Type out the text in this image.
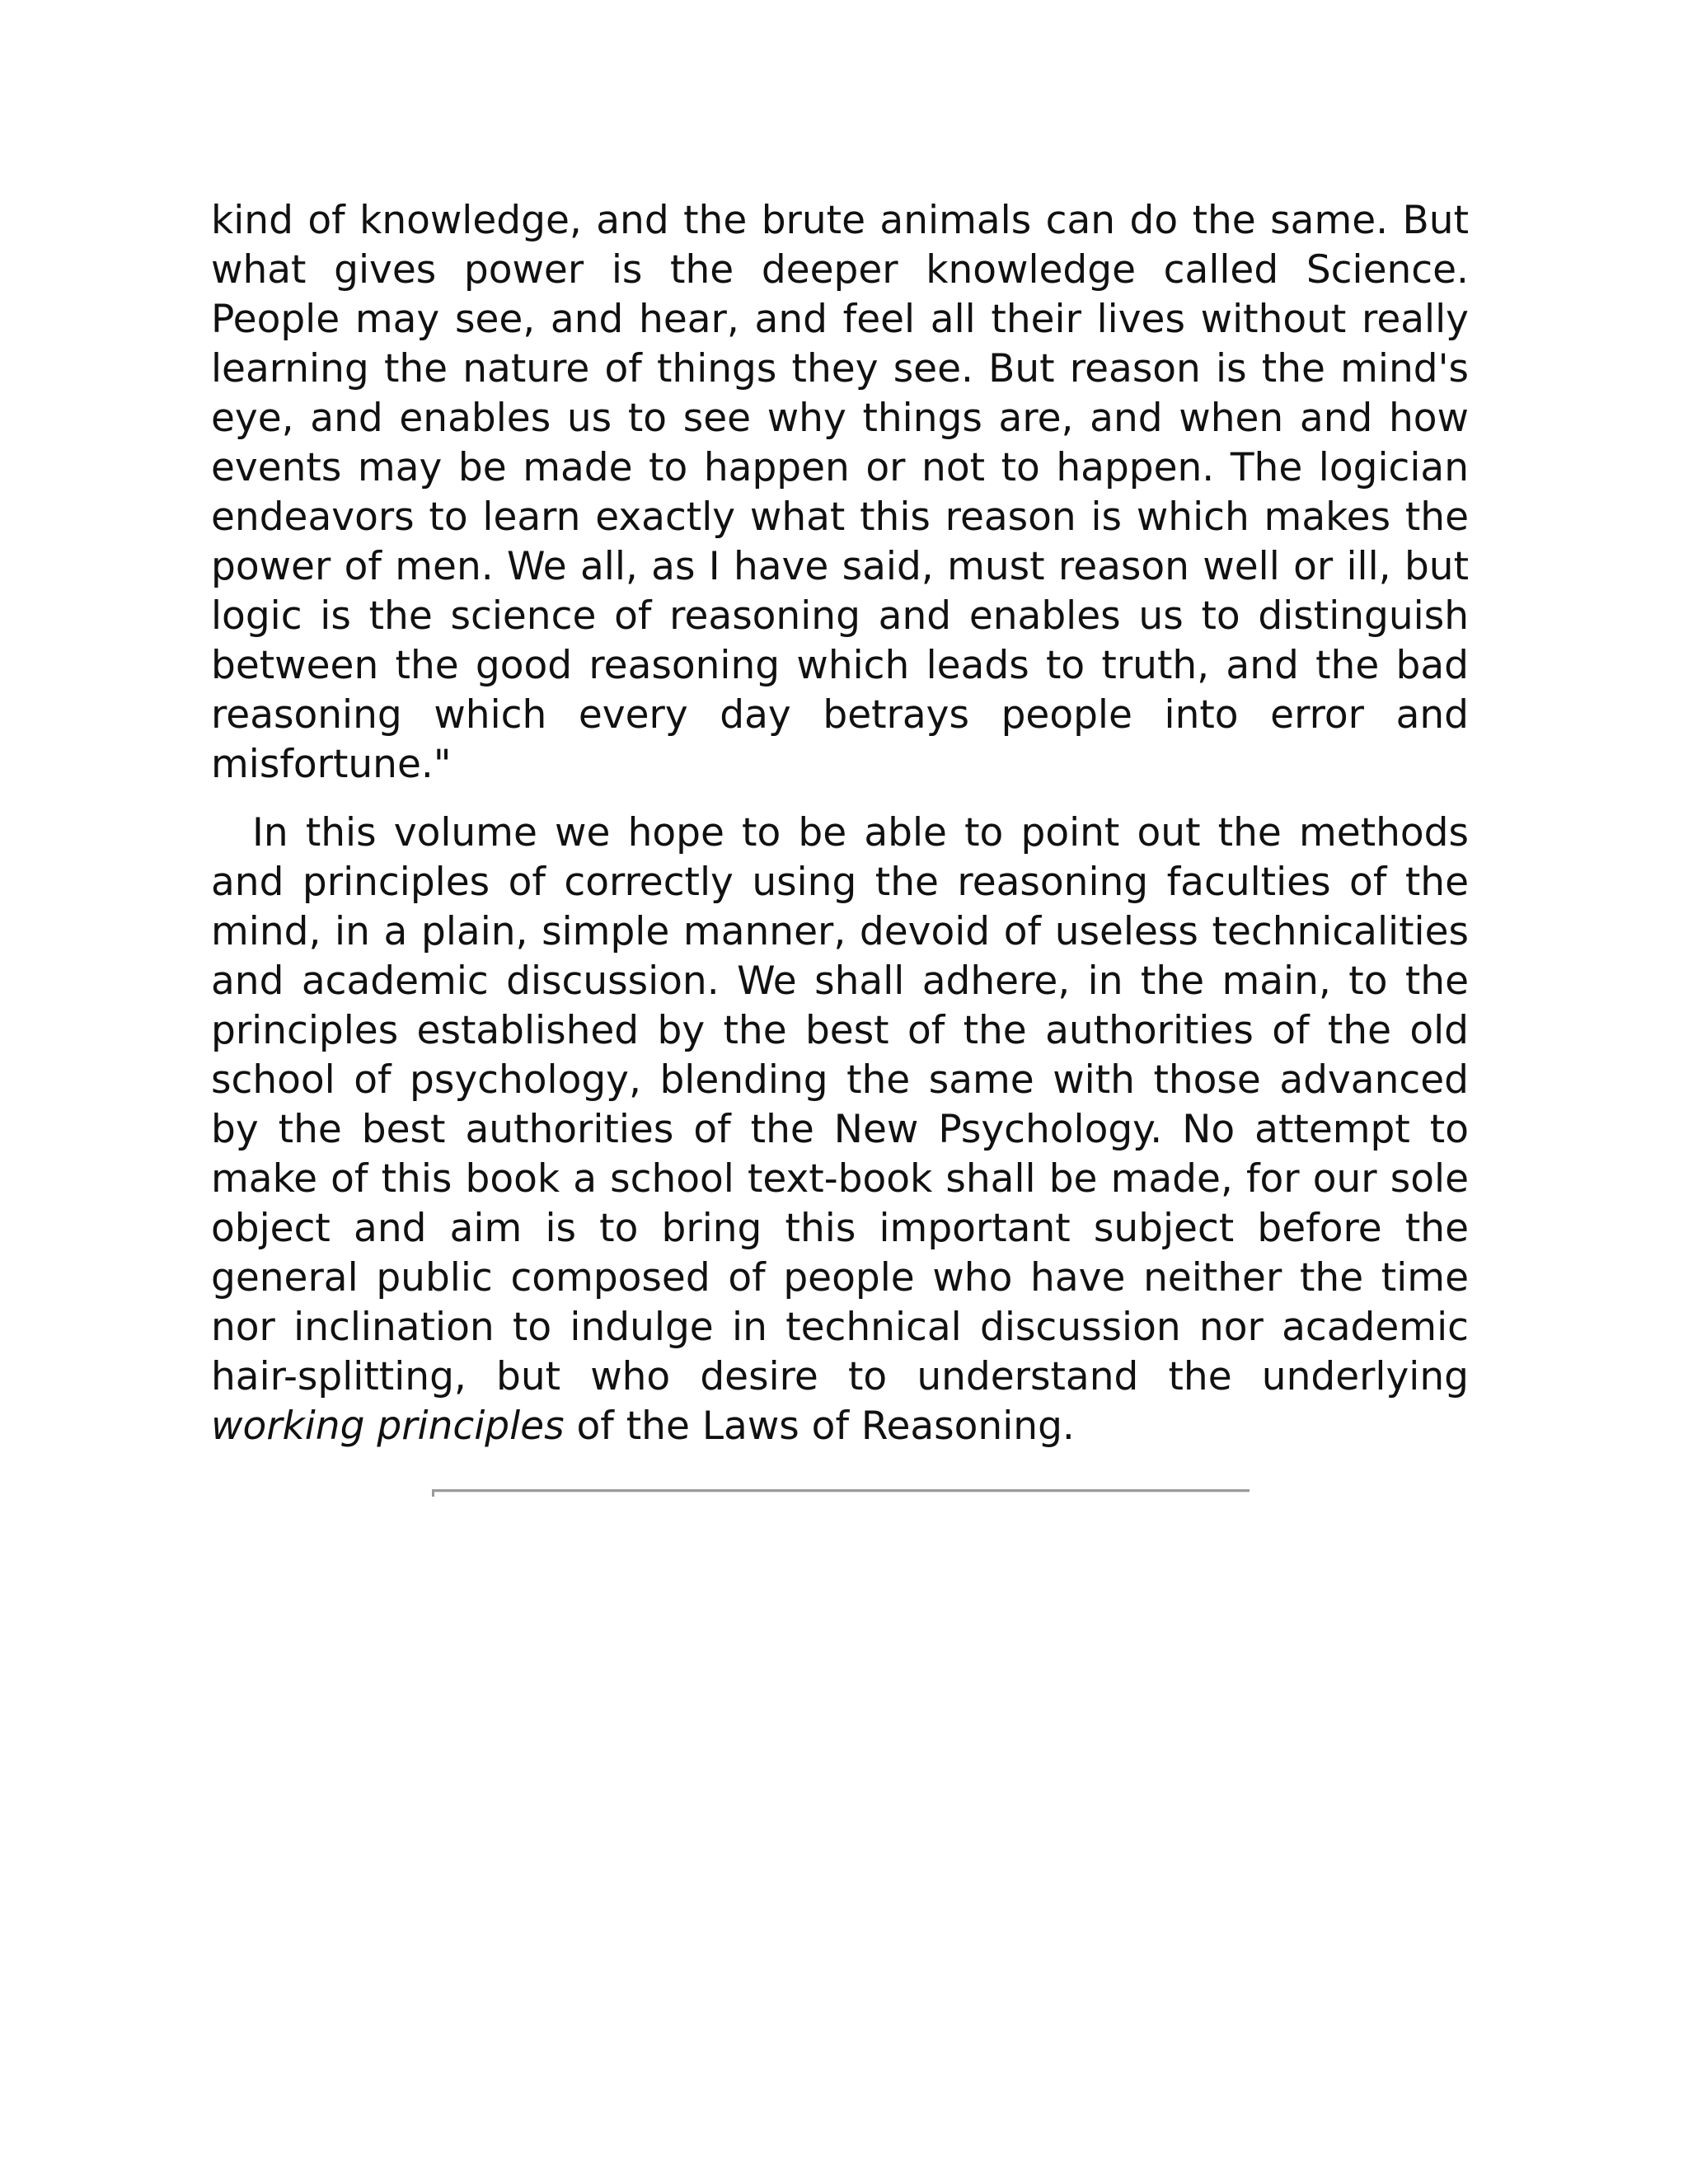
kind of knowledge, and the brute animals can do the same. But what gives power is the deeper knowledge called Science. People may see, and hear, and feel all their lives without really learning the nature of things they see. But reason is the mind's eye, and enables us to see why things are, and when and how events may be made to happen or not to happen. The logician endeavors to learn exactly what this reason is which makes the power of men. We all, as I have said, must reason well or ill, but logic is the science of reasoning and enables us to distinguish between the good reasoning which leads to truth, and the bad reasoning which every day betrays people into error and misfortune."

In this volume we hope to be able to point out the methods and principles of correctly using the reasoning faculties of the mind, in a plain, simple manner, devoid of useless technicalities and academic discussion. We shall adhere, in the main, to the principles established by the best of the authorities of the old school of psychology, blending the same with those advanced by the best authorities of the New Psychology. No attempt to make of this book a school text-book shall be made, for our sole object and aim is to bring this important subject before the general public composed of people who have neither the time nor inclination to indulge in technical discussion nor academic hair-splitting, but who desire to understand the underlying working principles of the Laws of Reasoning.
